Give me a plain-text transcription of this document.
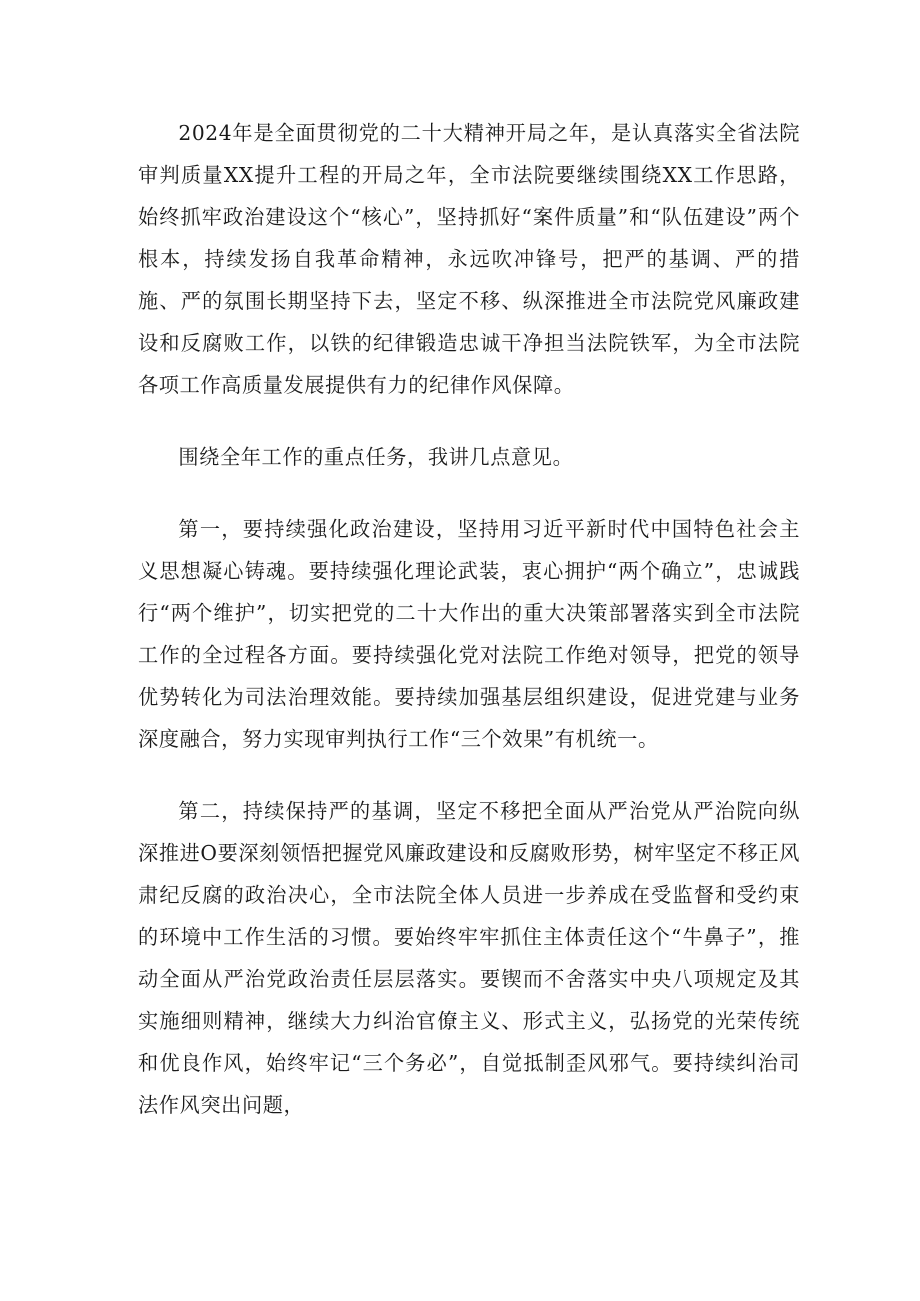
2024年是全面贯彻党的二十大精神开局之年，是认真落实全省法院审判质量XX提升工程的开局之年，全市法院要继续围绕XX工作思路，始终抓牢政治建设这个“核心”，坚持抓好“案件质量”和“队伍建设”两个根本，持续发扬自我革命精神，永远吹冲锋号，把严的基调、严的措施、严的氛围长期坚持下去，坚定不移、纵深推进全市法院党风廉政建设和反腐败工作，以铁的纪律锻造忠诚干净担当法院铁军，为全市法院各项工作高质量发展提供有力的纪律作风保障。

围绕全年工作的重点任务，我讲几点意见。

第一，要持续强化政治建设，坚持用习近平新时代中国特色社会主义思想凝心铸魂。要持续强化理论武装，衷心拥护“两个确立”，忠诚践行“两个维护”，切实把党的二十大作出的重大决策部署落实到全市法院工作的全过程各方面。要持续强化党对法院工作绝对领导，把党的领导优势转化为司法治理效能。要持续加强基层组织建设，促进党建与业务深度融合，努力实现审判执行工作“三个效果”有机统一。

第二，持续保持严的基调，坚定不移把全面从严治党从严治院向纵深推进O要深刻领悟把握党风廉政建设和反腐败形势，树牢坚定不移正风肃纪反腐的政治决心，全市法院全体人员进一步养成在受监督和受约束的环境中工作生活的习惯。要始终牢牢抓住主体责任这个“牛鼻子”，推动全面从严治党政治责任层层落实。要锲而不舍落实中央八项规定及其实施细则精神，继续大力纠治官僚主义、形式主义，弘扬党的光荣传统和优良作风，始终牢记“三个务必”，自觉抵制歪风邪气。要持续纠治司法作风突出问题，
